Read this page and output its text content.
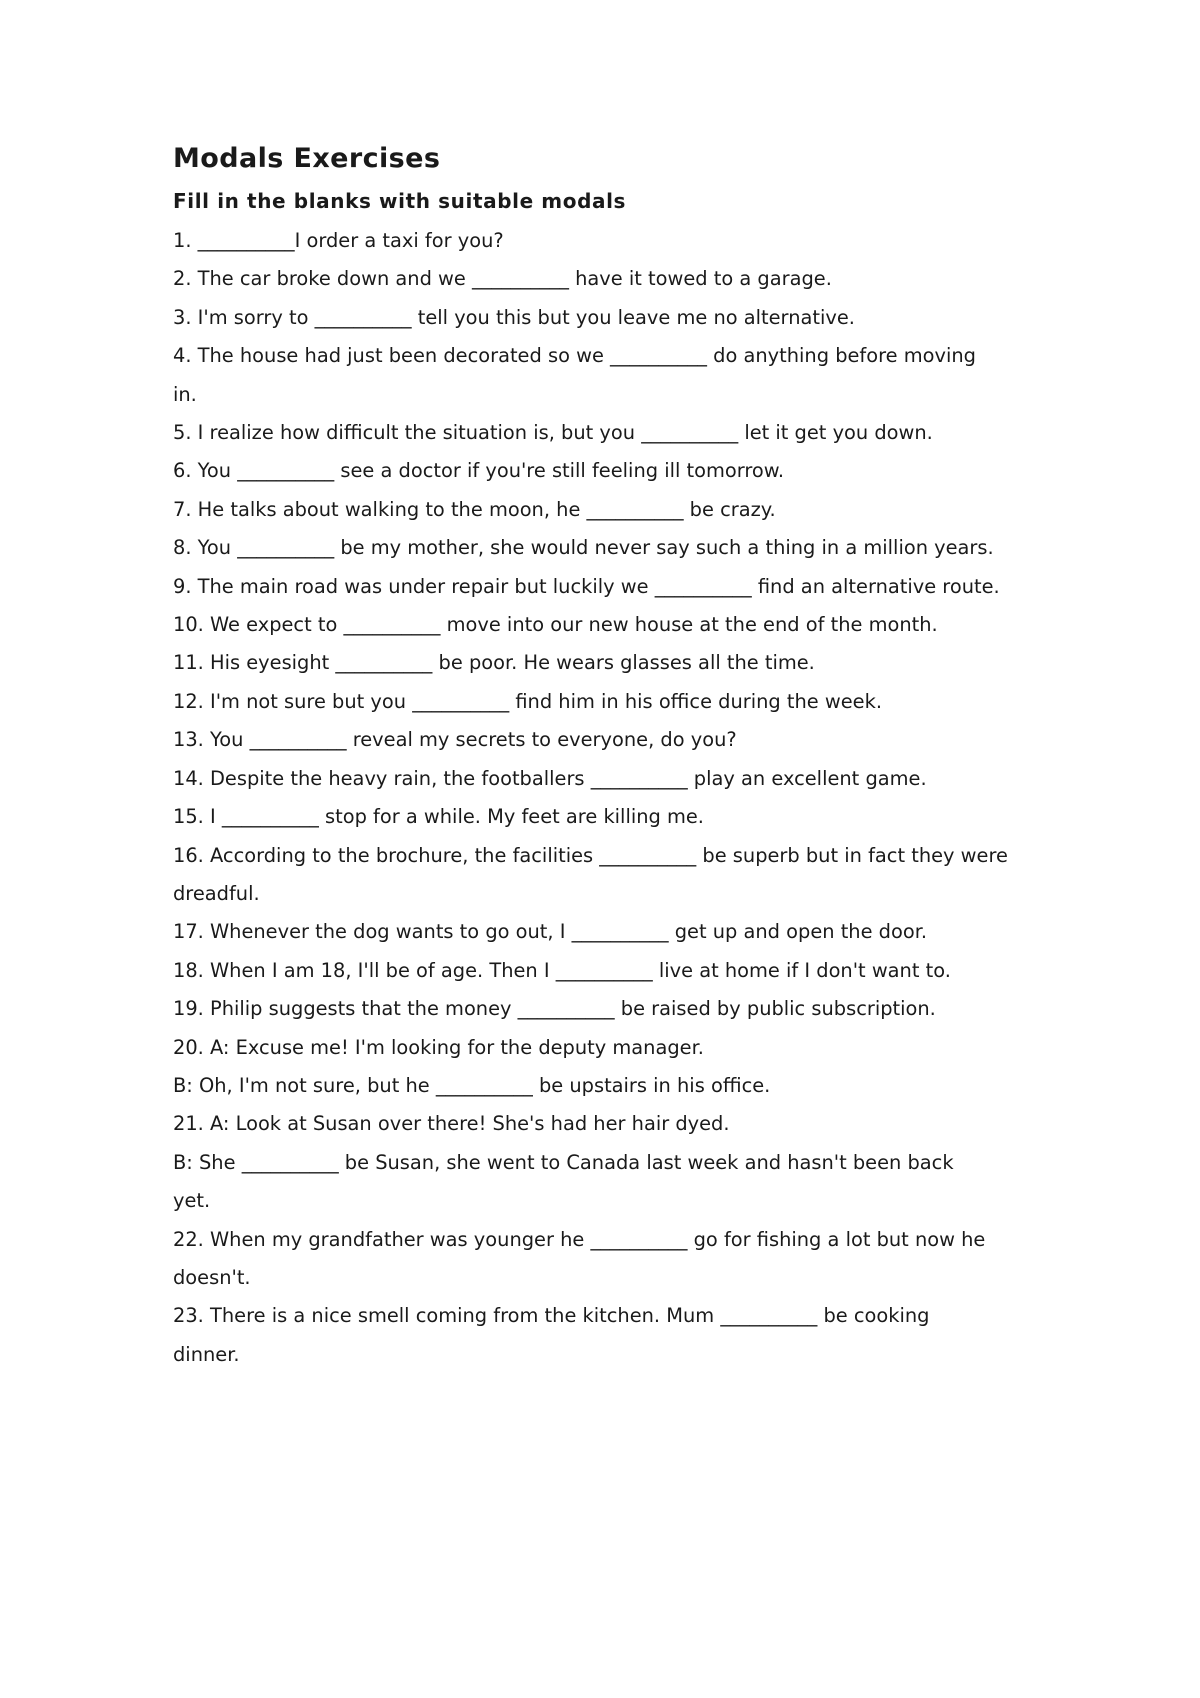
Modals Exercises
Fill in the blanks with suitable modals
1. __________I order a taxi for you?
2. The car broke down and we __________ have it towed to a garage.
3. I'm sorry to __________ tell you this but you leave me no alternative.
4. The house had just been decorated so we __________ do anything before moving
in.
5. I realize how difficult the situation is, but you __________ let it get you down.
6. You __________ see a doctor if you're still feeling ill tomorrow.
7. He talks about walking to the moon, he __________ be crazy.
8. You __________ be my mother, she would never say such a thing in a million years.
9. The main road was under repair but luckily we __________ find an alternative route.
10. We expect to __________ move into our new house at the end of the month.
11. His eyesight __________ be poor. He wears glasses all the time.
12. I'm not sure but you __________ find him in his office during the week.
13. You __________ reveal my secrets to everyone, do you?
14. Despite the heavy rain, the footballers __________ play an excellent game.
15. I __________ stop for a while. My feet are killing me.
16. According to the brochure, the facilities __________ be superb but in fact they were
dreadful.
17. Whenever the dog wants to go out, I __________ get up and open the door.
18. When I am 18, I'll be of age. Then I __________ live at home if I don't want to.
19. Philip suggests that the money __________ be raised by public subscription.
20. A: Excuse me! I'm looking for the deputy manager.
B: Oh, I'm not sure, but he __________ be upstairs in his office.
21. A: Look at Susan over there! She's had her hair dyed.
B: She __________ be Susan, she went to Canada last week and hasn't been back
yet.
22. When my grandfather was younger he __________ go for fishing a lot but now he
doesn't.
23. There is a nice smell coming from the kitchen. Mum __________ be cooking
dinner.
